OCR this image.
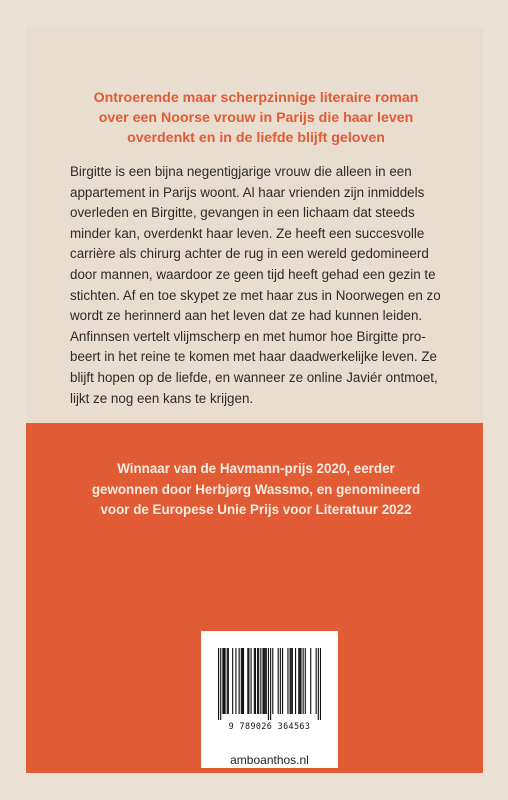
Ontroerende maar scherpzinnige literaire roman
over een Noorse vrouw in Parijs die haar leven
overdenkt en in de liefde blijft geloven

Birgitte is een bijna negentigjarige vrouw die alleen in een
appartement in Parijs woont. Al haar vrienden zijn inmiddels
overleden en Birgitte, gevangen in een lichaam dat steeds
minder kan, overdenkt haar leven. Ze heeft een succesvolle
carrière als chirurg achter de rug in een wereld gedomineerd
door mannen, waardoor ze geen tijd heeft gehad een gezin te
stichten. Af en toe skypet ze met haar zus in Noorwegen en zo
wordt ze herinnerd aan het leven dat ze had kunnen leiden.
Anfinnsen vertelt vlijmscherp en met humor hoe Birgitte pro-
beert in het reine te komen met haar daadwerkelijke leven. Ze
blijft hopen op de liefde, en wanneer ze online Javiér ontmoet,
lijkt ze nog een kans te krijgen.

Winnaar van de Havmann-prijs 2020, eerder
gewonnen door Herbjørg Wassmo, en genomineerd
voor de Europese Unie Prijs voor Literatuur 2022

9 789026 364563
amboanthos.nl
